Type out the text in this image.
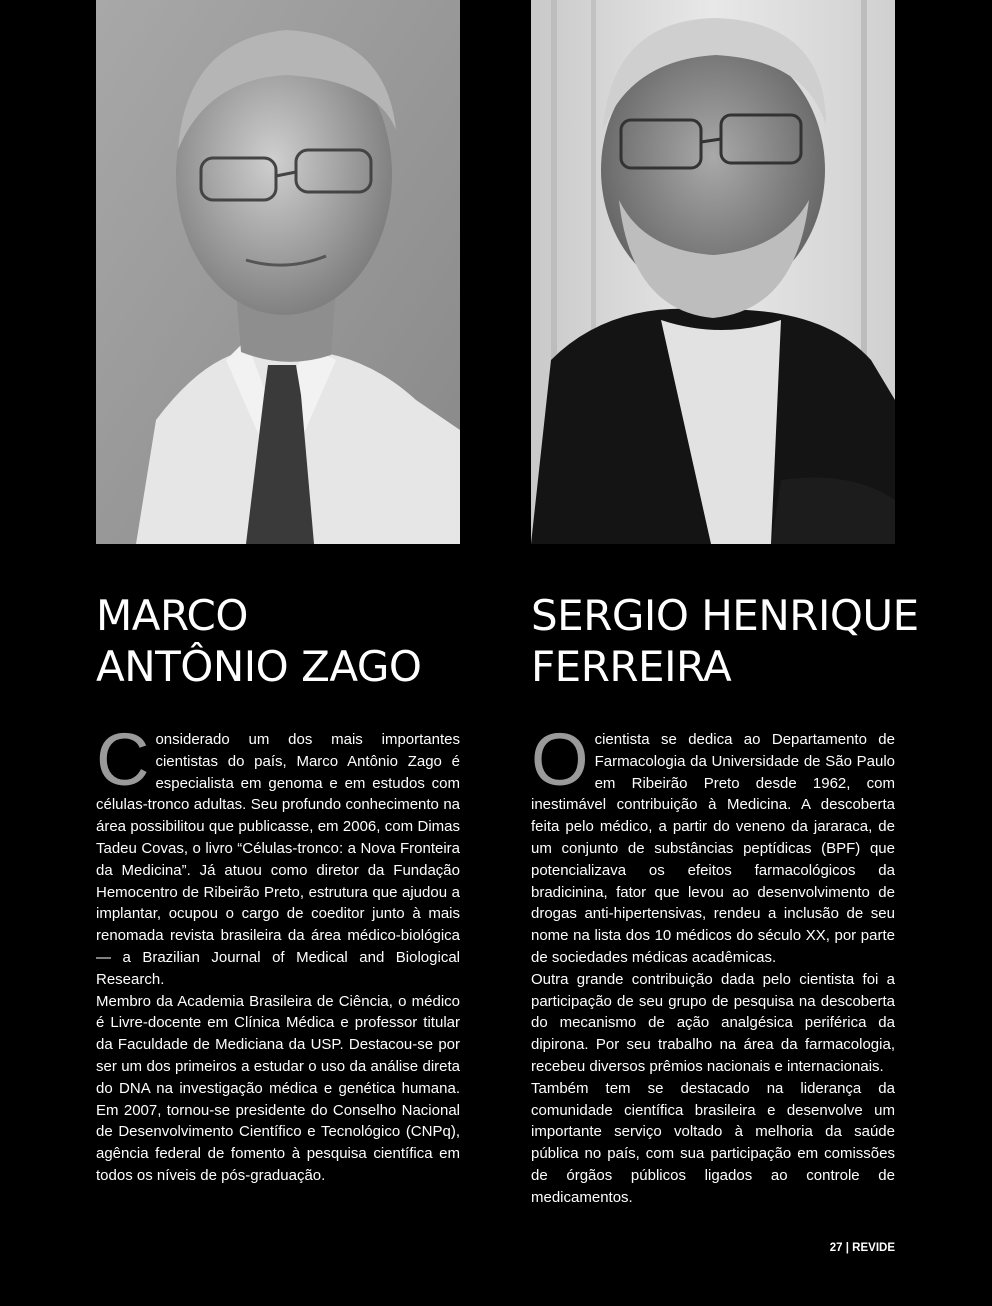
MARCO
ANTÔNIO ZAGO
SERGIO HENRIQUE
FERREIRA
C onsiderado um dos mais importantes cientistas do país, Marco Antônio Zago é especialista em genoma e em estudos com células-tronco adultas. Seu profundo conhecimento na área possibilitou que publicasse, em 2006, com Dimas Tadeu Covas, o livro “Células-tronco: a Nova Fronteira da Medicina”. Já atuou como diretor da Fundação Hemocentro de Ribeirão Preto, estrutura que ajudou a implantar, ocupou o cargo de coeditor junto à mais renomada revista brasileira da área médico-biológica — a Brazilian Journal of Medical and Biological Research.

Membro da Academia Brasileira de Ciência, o médico é Livre-docente em Clínica Médica e professor titular da Faculdade de Mediciana da USP. Destacou-se por ser um dos primeiros a estudar o uso da análise direta do DNA na investigação médica e genética humana. Em 2007, tornou-se presidente do Conselho Nacional de Desenvolvimento Científico e Tecnológico (CNPq), agência federal de fomento à pesquisa científica em todos os níveis de pós-graduação.

O cientista se dedica ao Departamento de Farmacologia da Universidade de São Paulo em Ribeirão Preto desde 1962, com inestimável contribuição à Medicina. A descoberta feita pelo médico, a partir do veneno da jararaca, de um conjunto de substâncias peptídicas (BPF) que potencializava os efeitos farmacológicos da bradicinina, fator que levou ao desenvolvimento de drogas anti-hipertensivas, rendeu a inclusão de seu nome na lista dos 10 médicos do século XX, por parte de sociedades médicas acadêmicas.

Outra grande contribuição dada pelo cientista foi a participação de seu grupo de pesquisa na descoberta do mecanismo de ação analgésica periférica da dipirona. Por seu trabalho na área da farmacologia, recebeu diversos prêmios nacionais e internacionais.

Também tem se destacado na liderança da comunidade científica brasileira e desenvolve um importante serviço voltado à melhoria da saúde pública no país, com sua participação em comissões de órgãos públicos ligados ao controle de medicamentos.

27 | REVIDE
